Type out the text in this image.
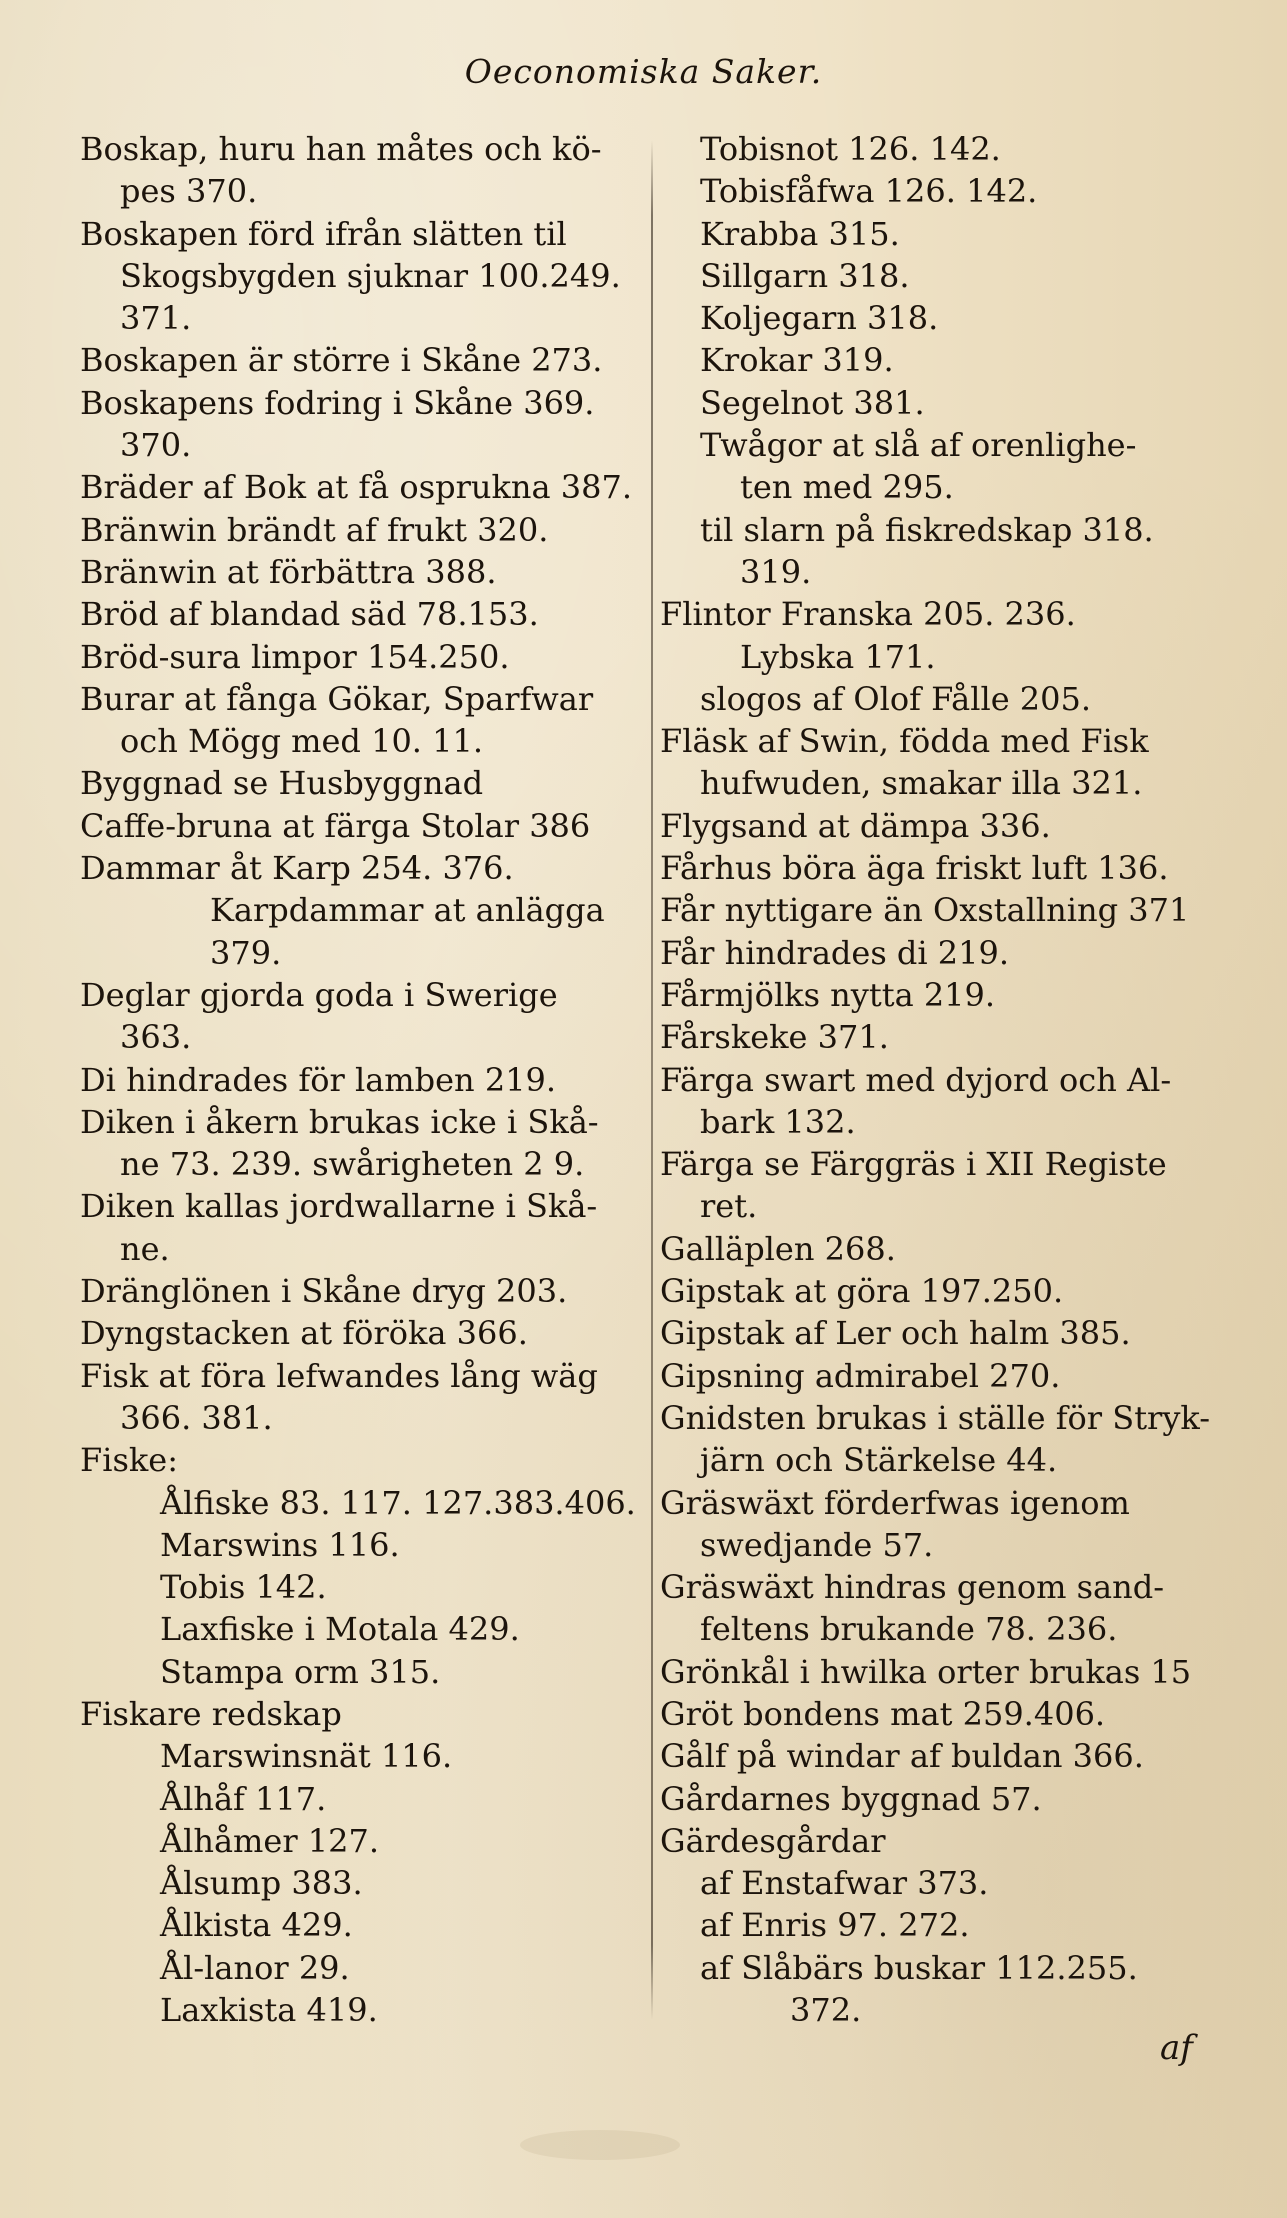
Oeconomiska Saker.
Boskap, huru han måtes och kö-
pes 370.
Boskapen förd ifrån slätten til
Skogsbygden sjuknar 100.249.
371.
Boskapen är större i Skåne 273.
Boskapens fodring i Skåne 369.
370.
Bräder af Bok at få osprukna 387.
Bränwin brändt af frukt 320.
Bränwin at förbättra 388.
Bröd af blandad säd 78.153.
Bröd-sura limpor 154.250.
Burar at fånga Gökar, Sparfwar
och Mögg med 10. 11.
Byggnad se Husbyggnad
Caffe-bruna at färga Stolar 386
Dammar åt Karp 254. 376.
Karpdammar at anlägga
379.
Deglar gjorda goda i Swerige
363.
Di hindrades för lamben 219.
Diken i åkern brukas icke i Skå-
ne 73. 239. swårigheten 2 9.
Diken kallas jordwallarne i Skå-
ne.
Dränglönen i Skåne dryg 203.
Dyngstacken at föröka 366.
Fisk at föra lefwandes lång wäg
366. 381.
Fiske:
Ålfiske 83. 117. 127.383.406.
Marswins 116.
Tobis 142.
Laxfiske i Motala 429.
Stampa orm 315.
Fiskare redskap
Marswinsnät 116.
Ålhåf 117.
Ålhåmer 127.
Ålsump 383.
Ålkista 429.
Ål-lanor 29.
Laxkista 419.
Tobisnot 126. 142.
Tobisfåfwa 126. 142.
Krabba 315.
Sillgarn 318.
Koljegarn 318.
Krokar 319.
Segelnot 381.
Twågor at slå af orenlighe-
ten med 295.
til slarn på fiskredskap 318.
319.
Flintor Franska 205. 236.
Lybska 171.
slogos af Olof Fålle 205.
Fläsk af Swin, födda med Fisk
hufwuden, smakar illa 321.
Flygsand at dämpa 336.
Fårhus böra äga friskt luft 136.
Får nyttigare än Oxstallning 371
Får hindrades di 219.
Fårmjölks nytta 219.
Fårskeke 371.
Färga swart med dyjord och Al-
bark 132.
Färga se Färggräs i XII Registe
ret.
Galläplen 268.
Gipstak at göra 197.250.
Gipstak af Ler och halm 385.
Gipsning admirabel 270.
Gnidsten brukas i ställe för Stryk-
järn och Stärkelse 44.
Gräswäxt förderfwas igenom
swedjande 57.
Gräswäxt hindras genom sand-
feltens brukande 78. 236.
Grönkål i hwilka orter brukas 15
Gröt bondens mat 259.406.
Gålf på windar af buldan 366.
Gårdarnes byggnad 57.
Gärdesgårdar
af Enstafwar 373.
af Enris 97. 272.
af Slåbärs buskar 112.255.
372.
af
